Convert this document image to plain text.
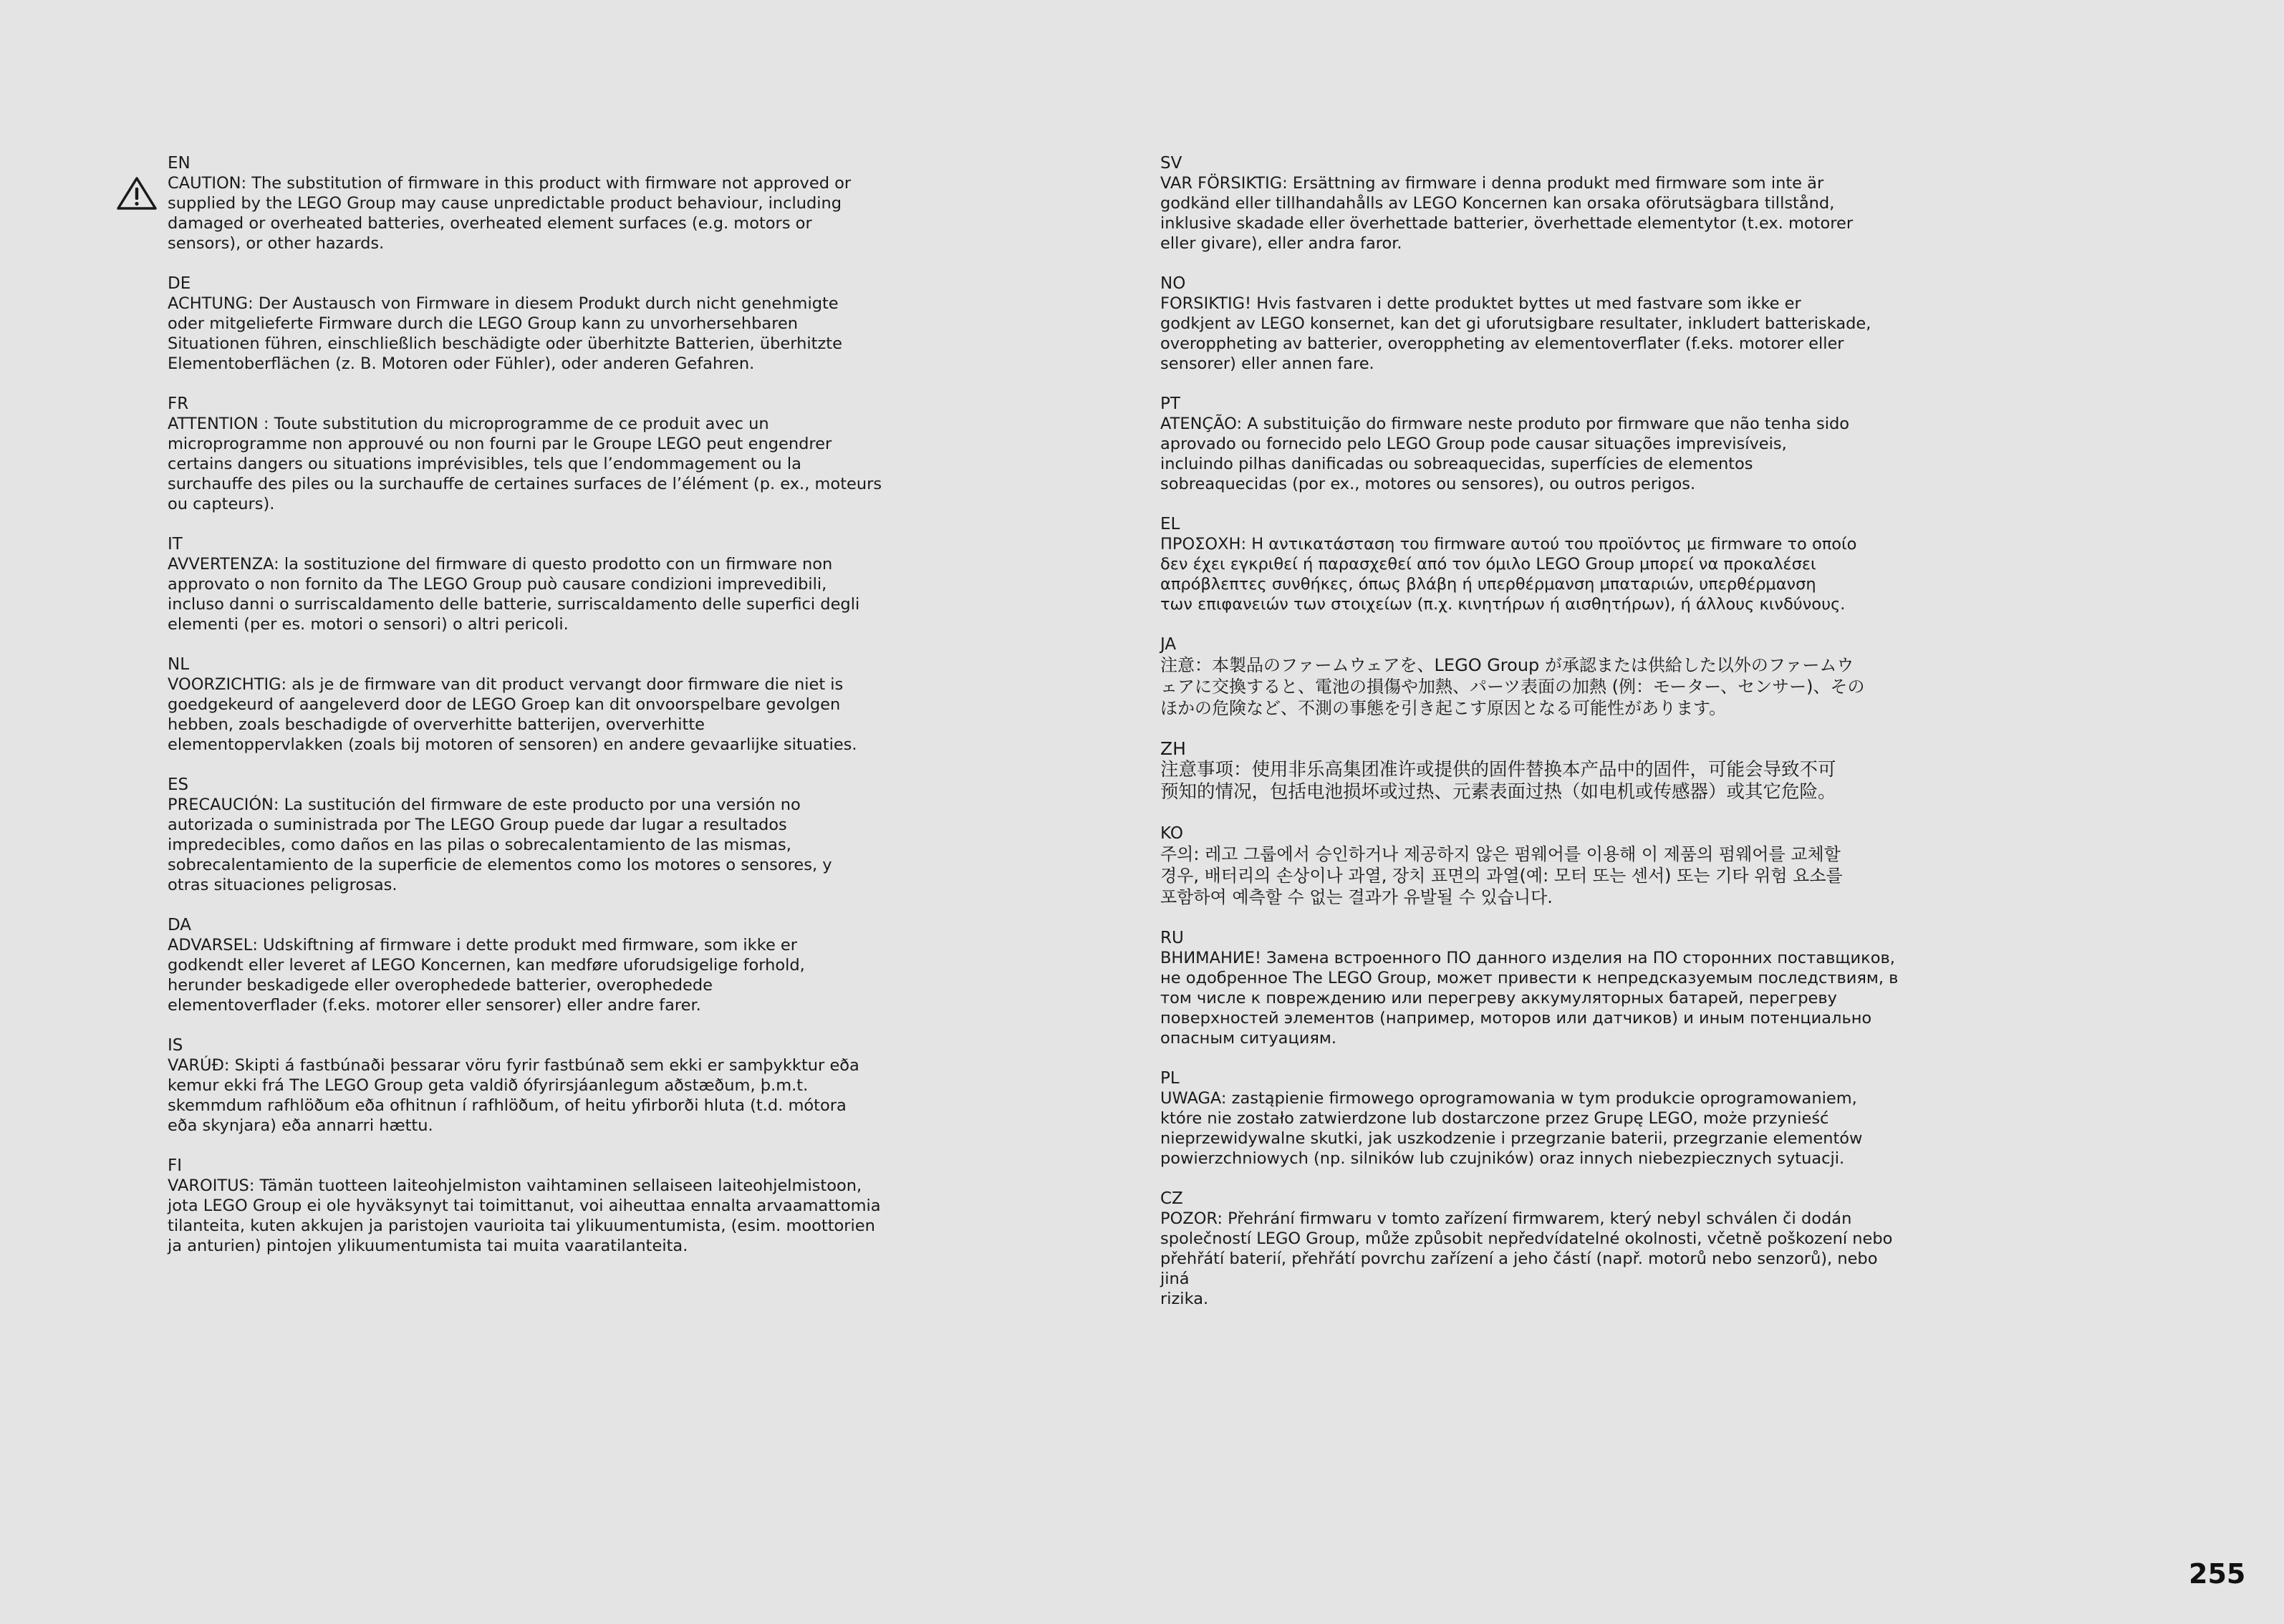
EN
CAUTION: The substitution of firmware in this product with firmware not approved or
supplied by the LEGO Group may cause unpredictable product behaviour, including
damaged or overheated batteries, overheated element surfaces (e.g. motors or
sensors), or other hazards.
DE
ACHTUNG: Der Austausch von Firmware in diesem Produkt durch nicht genehmigte
oder mitgelieferte Firmware durch die LEGO Group kann zu unvorhersehbaren
Situationen führen, einschließlich beschädigte oder überhitzte Batterien, überhitzte
Elementoberflächen (z. B. Motoren oder Fühler), oder anderen Gefahren.
FR
ATTENTION : Toute substitution du microprogramme de ce produit avec un
microprogramme non approuvé ou non fourni par le Groupe LEGO peut engendrer
certains dangers ou situations imprévisibles, tels que l’endommagement ou la
surchauffe des piles ou la surchauffe de certaines surfaces de l’élément (p. ex., moteurs
ou capteurs).
IT
AVVERTENZA: la sostituzione del firmware di questo prodotto con un firmware non
approvato o non fornito da The LEGO Group può causare condizioni imprevedibili,
incluso danni o surriscaldamento delle batterie, surriscaldamento delle superfici degli
elementi (per es. motori o sensori) o altri pericoli.
NL
VOORZICHTIG: als je de firmware van dit product vervangt door firmware die niet is
goedgekeurd of aangeleverd door de LEGO Groep kan dit onvoorspelbare gevolgen
hebben, zoals beschadigde of oververhitte batterijen, oververhitte
elementoppervlakken (zoals bij motoren of sensoren) en andere gevaarlijke situaties.
ES
PRECAUCIÓN: La sustitución del firmware de este producto por una versión no
autorizada o suministrada por The LEGO Group puede dar lugar a resultados
impredecibles, como daños en las pilas o sobrecalentamiento de las mismas,
sobrecalentamiento de la superficie de elementos como los motores o sensores, y
otras situaciones peligrosas.
DA
ADVARSEL: Udskiftning af firmware i dette produkt med firmware, som ikke er
godkendt eller leveret af LEGO Koncernen, kan medføre uforudsigelige forhold,
herunder beskadigede eller overophedede batterier, overophedede
elementoverflader (f.eks. motorer eller sensorer) eller andre farer.
IS
VARÚÐ: Skipti á fastbúnaði þessarar vöru fyrir fastbúnað sem ekki er samþykktur eða
kemur ekki frá The LEGO Group geta valdið ófyrirsjáanlegum aðstæðum, þ.m.t.
skemmdum rafhlöðum eða ofhitnun í rafhlöðum, of heitu yfirborði hluta (t.d. mótora
eða skynjara) eða annarri hættu.
FI
VAROITUS: Tämän tuotteen laiteohjelmiston vaihtaminen sellaiseen laiteohjelmistoon,
jota LEGO Group ei ole hyväksynyt tai toimittanut, voi aiheuttaa ennalta arvaamattomia
tilanteita, kuten akkujen ja paristojen vaurioita tai ylikuumentumista, (esim. moottorien
ja anturien) pintojen ylikuumentumista tai muita vaaratilanteita.
SV
VAR FÖRSIKTIG: Ersättning av firmware i denna produkt med firmware som inte är
godkänd eller tillhandahålls av LEGO Koncernen kan orsaka oförutsägbara tillstånd,
inklusive skadade eller överhettade batterier, överhettade elementytor (t.ex. motorer
eller givare), eller andra faror.
NO
FORSIKTIG! Hvis fastvaren i dette produktet byttes ut med fastvare som ikke er
godkjent av LEGO konsernet, kan det gi uforutsigbare resultater, inkludert batteriskade,
overoppheting av batterier, overoppheting av elementoverflater (f.eks. motorer eller
sensorer) eller annen fare.
PT
ATENÇÃO: A substituição do firmware neste produto por firmware que não tenha sido
aprovado ou fornecido pelo LEGO Group pode causar situações imprevisíveis,
incluindo pilhas danificadas ou sobreaquecidas, superfícies de elementos
sobreaquecidas (por ex., motores ou sensores), ou outros perigos.
EL
ΠΡΟΣΟΧΗ: Η αντικατάσταση του firmware αυτού του προϊόντος με firmware το οποίο
δεν έχει εγκριθεί ή παρασχεθεί από τον όμιλο LEGO Group μπορεί να προκαλέσει
απρόβλεπτες συνθήκες, όπως βλάβη ή υπερθέρμανση μπαταριών, υπερθέρμανση
των επιφανειών των στοιχείων (π.χ. κινητήρων ή αισθητήρων), ή άλλους κινδύνους.
JA
注意：本製品のファームウェアを、LEGO Group が承認または供給した以外のファームウ
ェアに交換すると、電池の損傷や加熱、パーツ表面の加熱 (例：モーター、センサー)、その
ほかの危険など、不測の事態を引き起こす原因となる可能性があります。
ZH
注意事项：使用非乐高集团准许或提供的固件替换本产品中的固件，可能会导致不可
预知的情况，包括电池损坏或过热、元素表面过热（如电机或传感器）或其它危险。
KO
주의: 레고 그룹에서 승인하거나 제공하지 않은 펌웨어를 이용해 이 제품의 펌웨어를 교체할
경우, 배터리의 손상이나 과열, 장치 표면의 과열(예: 모터 또는 센서) 또는 기타 위험 요소를
포함하여 예측할 수 없는 결과가 유발될 수 있습니다.
RU
ВНИМАНИЕ! Замена встроенного ПО данного изделия на ПО сторонних поставщиков,
не одобренное The LEGO Group, может привести к непредсказуемым последствиям, в
том числе к повреждению или перегреву аккумуляторных батарей, перегреву
поверхностей элементов (например, моторов или датчиков) и иным потенциально
опасным ситуациям.
PL
UWAGA: zastąpienie firmowego oprogramowania w tym produkcie oprogramowaniem,
które nie zostało zatwierdzone lub dostarczone przez Grupę LEGO, może przynieść
nieprzewidywalne skutki, jak uszkodzenie i przegrzanie baterii, przegrzanie elementów
powierzchniowych (np. silników lub czujników) oraz innych niebezpiecznych sytuacji.
CZ
POZOR: Přehrání firmwaru v tomto zařízení firmwarem, který nebyl schválen či dodán
společností LEGO Group, může způsobit nepředvídatelné okolnosti, včetně poškození nebo
přehřátí baterií, přehřátí povrchu zařízení a jeho částí (např. motorů nebo senzorů), nebo jiná
rizika.
255
